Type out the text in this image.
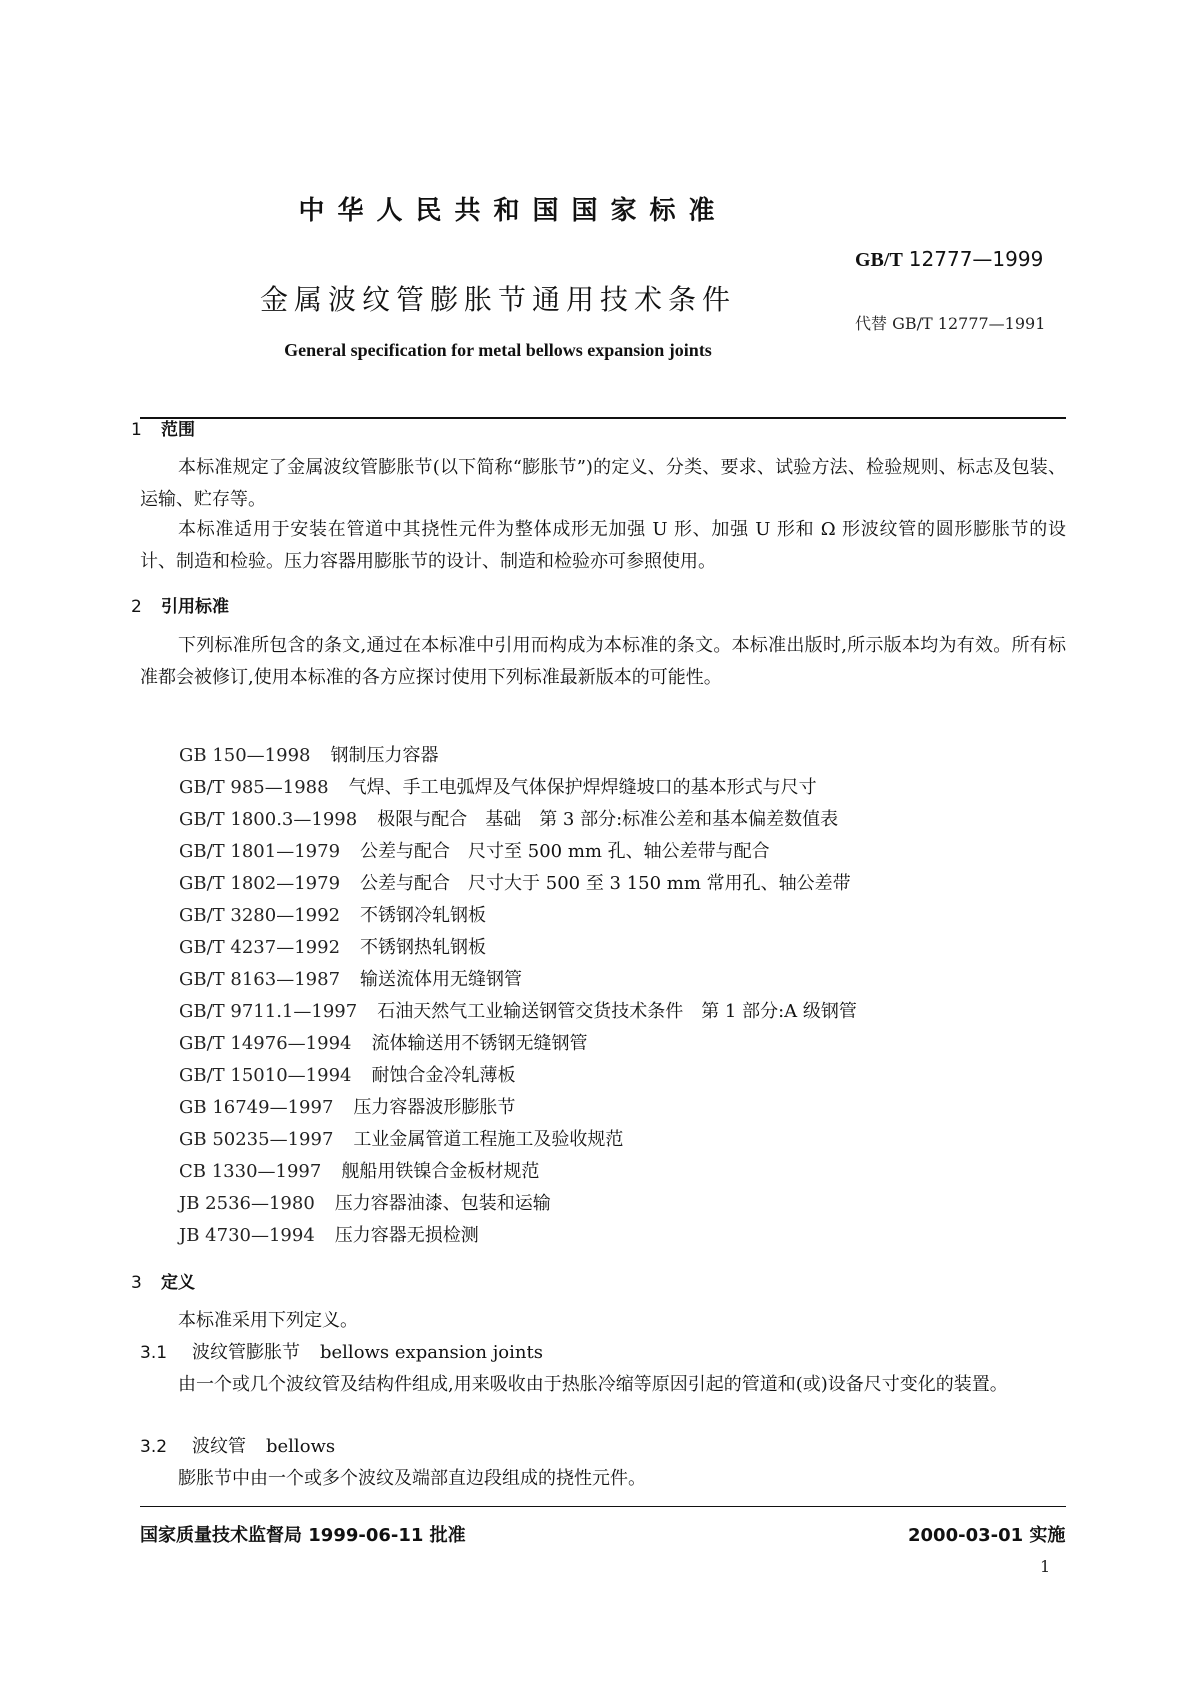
中华人民共和国国家标准
GB/T 12777—1999
金属波纹管膨胀节通用技术条件
代替 GB/T 12777—1991
General specification for metal bellows expansion joints
1 范围

本标准规定了金属波纹管膨胀节(以下简称“膨胀节”)的定义、分类、要求、试验方法、检验规则、标志及包装、运输、贮存等。

本标准适用于安装在管道中其挠性元件为整体成形无加强 U 形、加强 U 形和 Ω 形波纹管的圆形膨胀节的设计、制造和检验。压力容器用膨胀节的设计、制造和检验亦可参照使用。

2 引用标准

下列标准所包含的条文,通过在本标准中引用而构成为本标准的条文。本标准出版时,所示版本均为有效。所有标准都会被修订,使用本标准的各方应探讨使用下列标准最新版本的可能性。

GB 150—1998 钢制压力容器
GB/T 985—1988 气焊、手工电弧焊及气体保护焊焊缝坡口的基本形式与尺寸
GB/T 1800.3—1998 极限与配合　基础　第 3 部分:标准公差和基本偏差数值表
GB/T 1801—1979 公差与配合　尺寸至 500 mm 孔、轴公差带与配合
GB/T 1802—1979 公差与配合　尺寸大于 500 至 3 150 mm 常用孔、轴公差带
GB/T 3280—1992 不锈钢冷轧钢板
GB/T 4237—1992 不锈钢热轧钢板
GB/T 8163—1987 输送流体用无缝钢管
GB/T 9711.1—1997 石油天然气工业输送钢管交货技术条件　第 1 部分:A 级钢管
GB/T 14976—1994 流体输送用不锈钢无缝钢管
GB/T 15010—1994 耐蚀合金冷轧薄板
GB 16749—1997 压力容器波形膨胀节
GB 50235—1997 工业金属管道工程施工及验收规范
CB 1330—1997 舰船用铁镍合金板材规范
JB 2536—1980 压力容器油漆、包装和运输
JB 4730—1994 压力容器无损检测
3 定义

本标准采用下列定义。

3.1 波纹管膨胀节 bellows expansion joints

由一个或几个波纹管及结构件组成,用来吸收由于热胀冷缩等原因引起的管道和(或)设备尺寸变化的装置。

3.2 波纹管 bellows

膨胀节中由一个或多个波纹及端部直边段组成的挠性元件。

国家质量技术监督局 1999-06-11 批准	2000-03-01 实施
1
